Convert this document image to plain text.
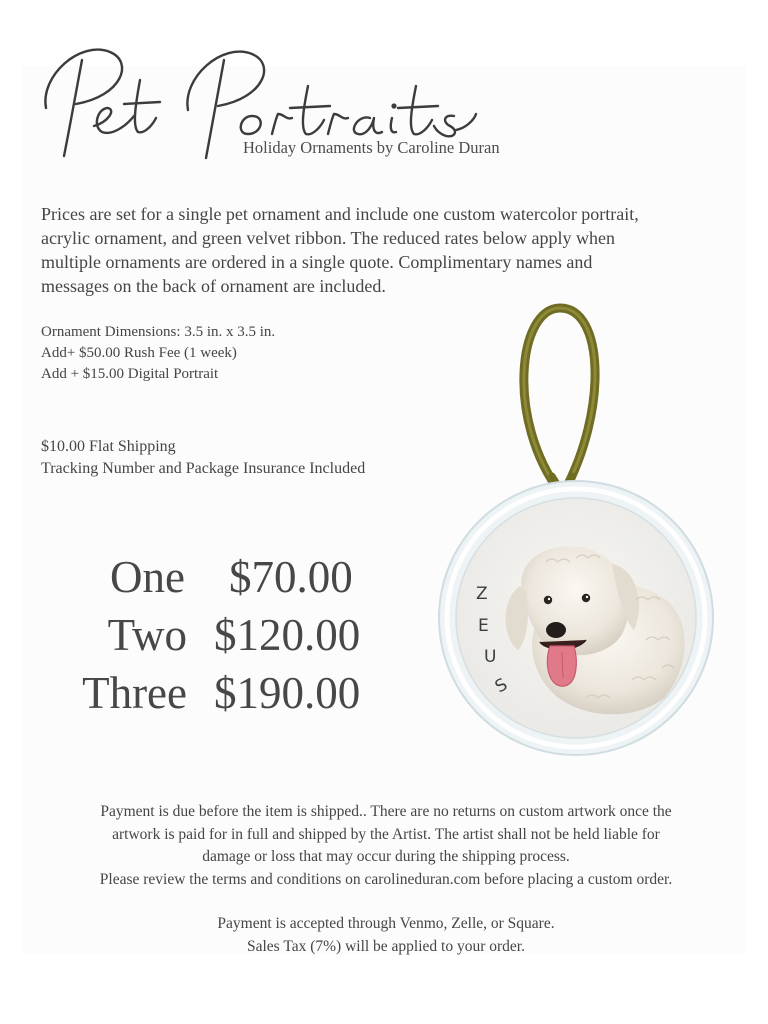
Holiday Ornaments by Caroline Duran
Prices are set for a single pet ornament and include one custom watercolor portrait,
acrylic ornament, and green velvet ribbon. The reduced rates below apply when
multiple ornaments are ordered in a single quote. Complimentary names and
messages on the back of ornament are included.
Ornament Dimensions: 3.5 in. x 3.5 in.
Add+ $50.00 Rush Fee (1 week)
Add + $15.00 Digital Portrait
$10.00 Flat Shipping
Tracking Number and Package Insurance Included
One $70.00
Two $120.00
Three $190.00
Z
E
U
S
Payment is due before the item is shipped.. There are no returns on custom artwork once the
artwork is paid for in full and shipped by the Artist. The artist shall not be held liable for
damage or loss that may occur during the shipping process.
Please review the terms and conditions on carolineduran.com before placing a custom order.
Payment is accepted through Venmo, Zelle, or Square.
Sales Tax (7%) will be applied to your order.
